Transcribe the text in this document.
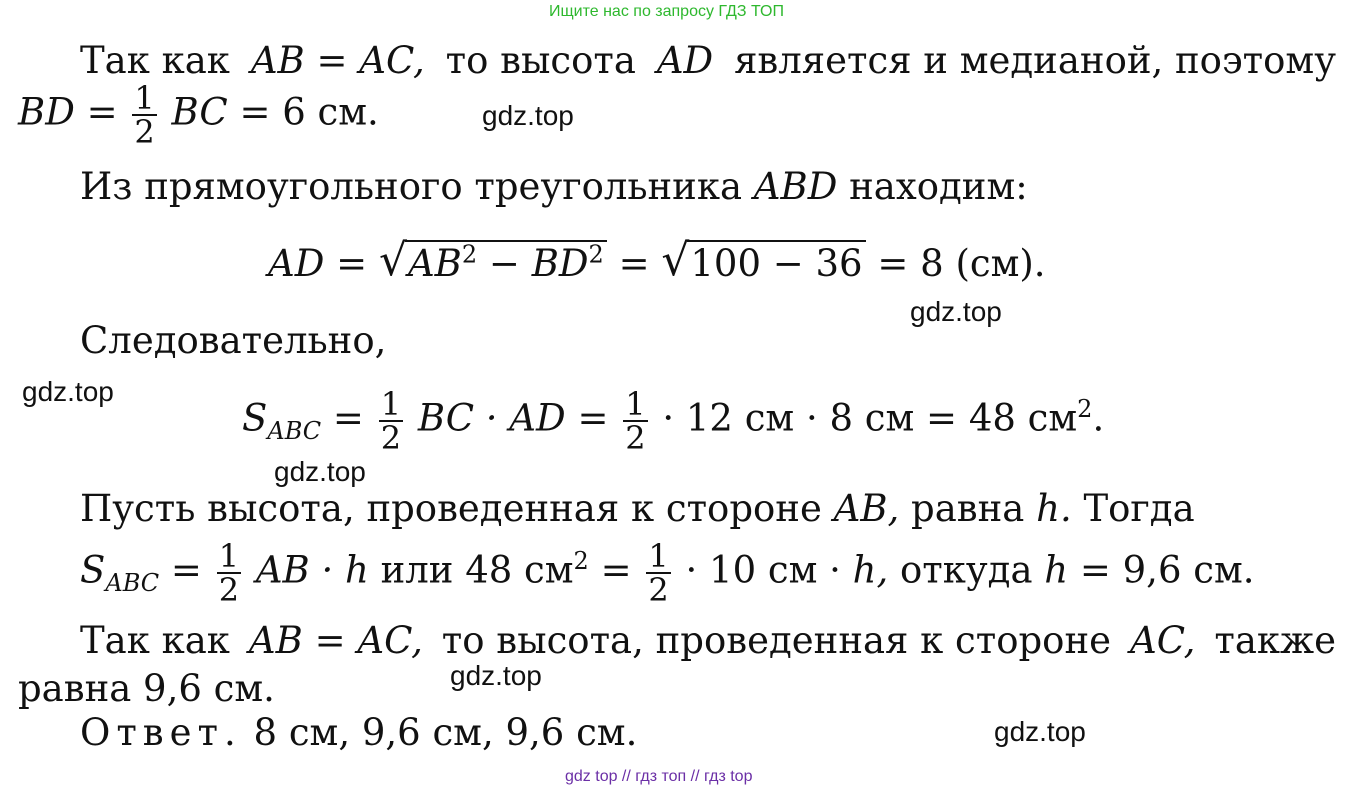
Ищите нас по запросу ГДЗ ТОП
Так как AB = AC, то высота AD является и медианой, поэтому
BD = $\frac{1}{2}$ BC = 6 см.	gdz.top
Из прямоугольного треугольника ABD находим:
AD = √ $AB^2 - BD^2$ = √ 100 − 36 = 8 (см).
gdz.top
Следовательно,
gdz.top
$S_{ABC} = \frac{1}{2}$ BC · AD = $\frac{1}{2} \cdot 12$ см · 8 см = 48 $см^2$.
gdz.top
Пусть высота, проведенная к стороне AB, равна h. Тогда
$S_{ABC} = \frac{1}{2}$ AB · h или 48 $см^2 = \frac{1}{2} \cdot 10$ см · h, откуда h = 9,6 см.
Так как AB = AC, то высота, проведенная к стороне AC, также
равна 9,6 см.	gdz.top
Ответ. 8 см, 9,6 см, 9,6 см.	gdz.top
gdz top // гдз топ // гдз top
